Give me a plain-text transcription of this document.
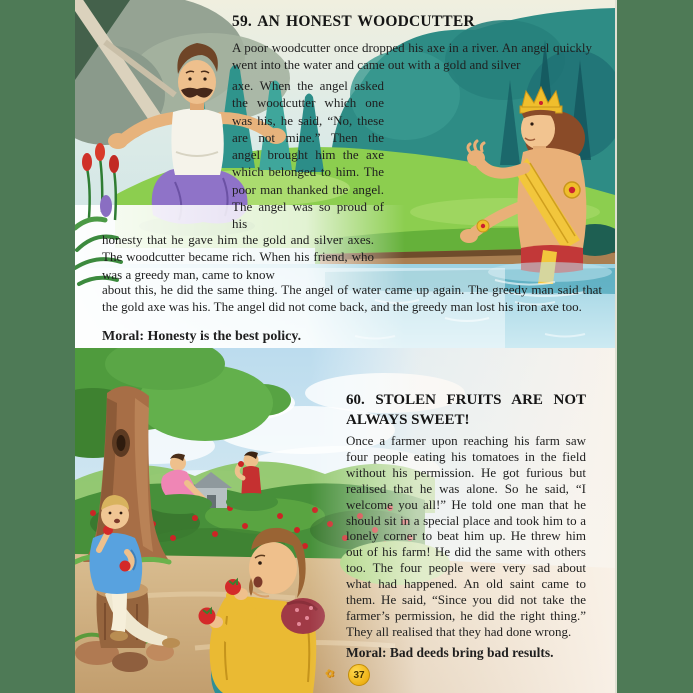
59. AN HONEST WOODCUTTER
A poor woodcutter once dropped his axe in a river. An angel quickly went into the water and came out with a gold and silver
axe. When the angel asked the woodcutter which one was his, he said, “No, these are not mine.” Then the angel brought him the axe which belonged to him. The poor man thanked the angel. The angel was so proud of his
honesty that he gave him the gold and silver axes. The woodcutter became rich. When his friend, who was a greedy man, came to know
about this, he did the same thing. The angel of water came up again. The greedy man said that the gold axe was his. The angel did not come back, and the greedy man lost his iron axe too.
Moral: Honesty is the best policy.
60. STOLEN FRUITS ARE NOT ALWAYS SWEET!
Once a farmer upon reaching his farm saw four people eating his tomatoes in the field without his permission. He got furious but realised that he was alone. So he said, “I welcome you all!” He told one man that he should sit in a special place and took him to a lonely corner to beat him up. He threw him out of his farm! He did the same with others too. The four people were very sad about what had happened. An old saint came to them. He said, “Since you did not take the farmer’s permission, he did the right thing.” They all realised that they had done wrong.
Moral: Bad deeds bring bad results.
✿ 37
